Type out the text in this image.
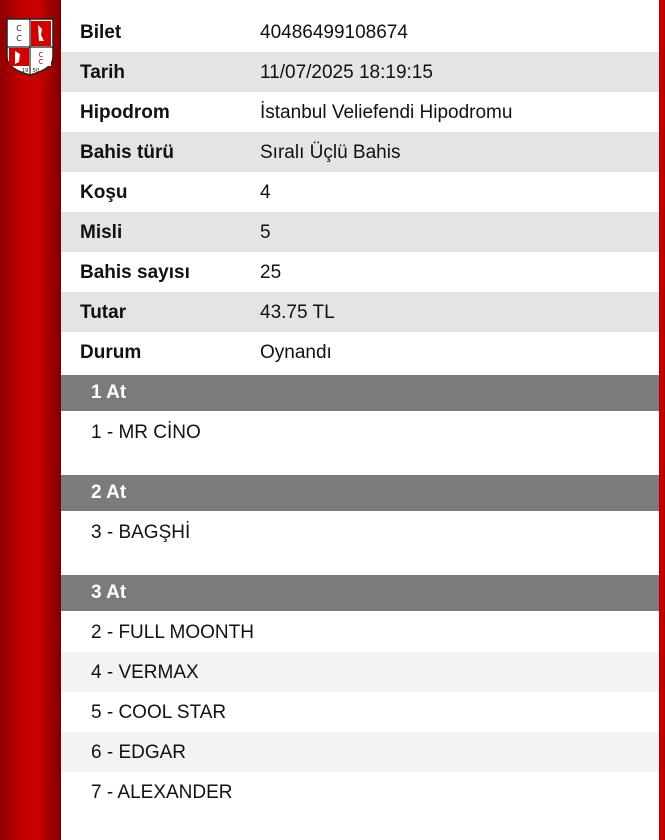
C
C
C
C
19 50
Bilet	40486499108674
Tarih	11/07/2025 18:19:15
Hipodrom	İstanbul Veliefendi Hipodromu
Bahis türü	Sıralı Üçlü Bahis
Koşu	4
Misli	5
Bahis sayısı	25
Tutar	43.75 TL
Durum	Oynandı
1 At
1 - MR CİNO
2 At
3 - BAGŞHİ
3 At
2 - FULL MOONTH
4 - VERMAX
5 - COOL STAR
6 - EDGAR
7 - ALEXANDER
